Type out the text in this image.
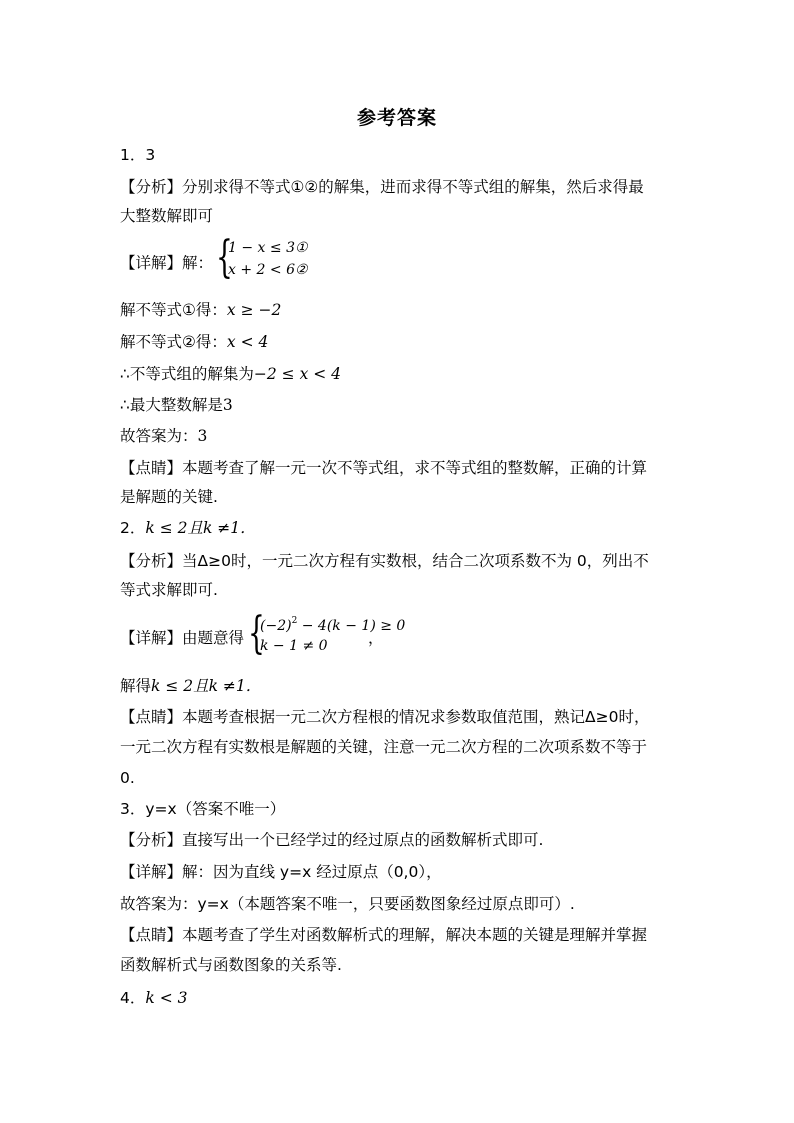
参考答案
1．3
【分析】分别求得不等式①②的解集，进而求得不等式组的解集，然后求得最
大整数解即可
【详解】解： {
1 − x ≤ 3①
x + 2 < 6②
解不等式①得：x ≥ −2
解不等式②得：x < 4
∴不等式组的解集为−2 ≤ x < 4
∴最大整数解是3
故答案为：3
【点睛】本题考查了解一元一次不等式组，求不等式组的整数解，正确的计算
是解题的关键.
2．k ≤ 2且k ≠1．
【分析】当Δ≥0时，一元二次方程有实数根，结合二次项系数不为 0，列出不
等式求解即可.
【详解】由题意得 {
$(-2)^2 - 4(k - 1) \ge 0$
k − 1 ≠ 0	，
解得k ≤ 2且k ≠1．
【点睛】本题考查根据一元二次方程根的情况求参数取值范围，熟记Δ≥0时，
一元二次方程有实数根是解题的关键，注意一元二次方程的二次项系数不等于
0.
3．y=x（答案不唯一）
【分析】直接写出一个已经学过的经过原点的函数解析式即可.
【详解】解：因为直线 y=x 经过原点（0,0），
故答案为：y=x（本题答案不唯一，只要函数图象经过原点即可）.
【点睛】本题考查了学生对函数解析式的理解，解决本题的关键是理解并掌握
函数解析式与函数图象的关系等.
4．k < 3
